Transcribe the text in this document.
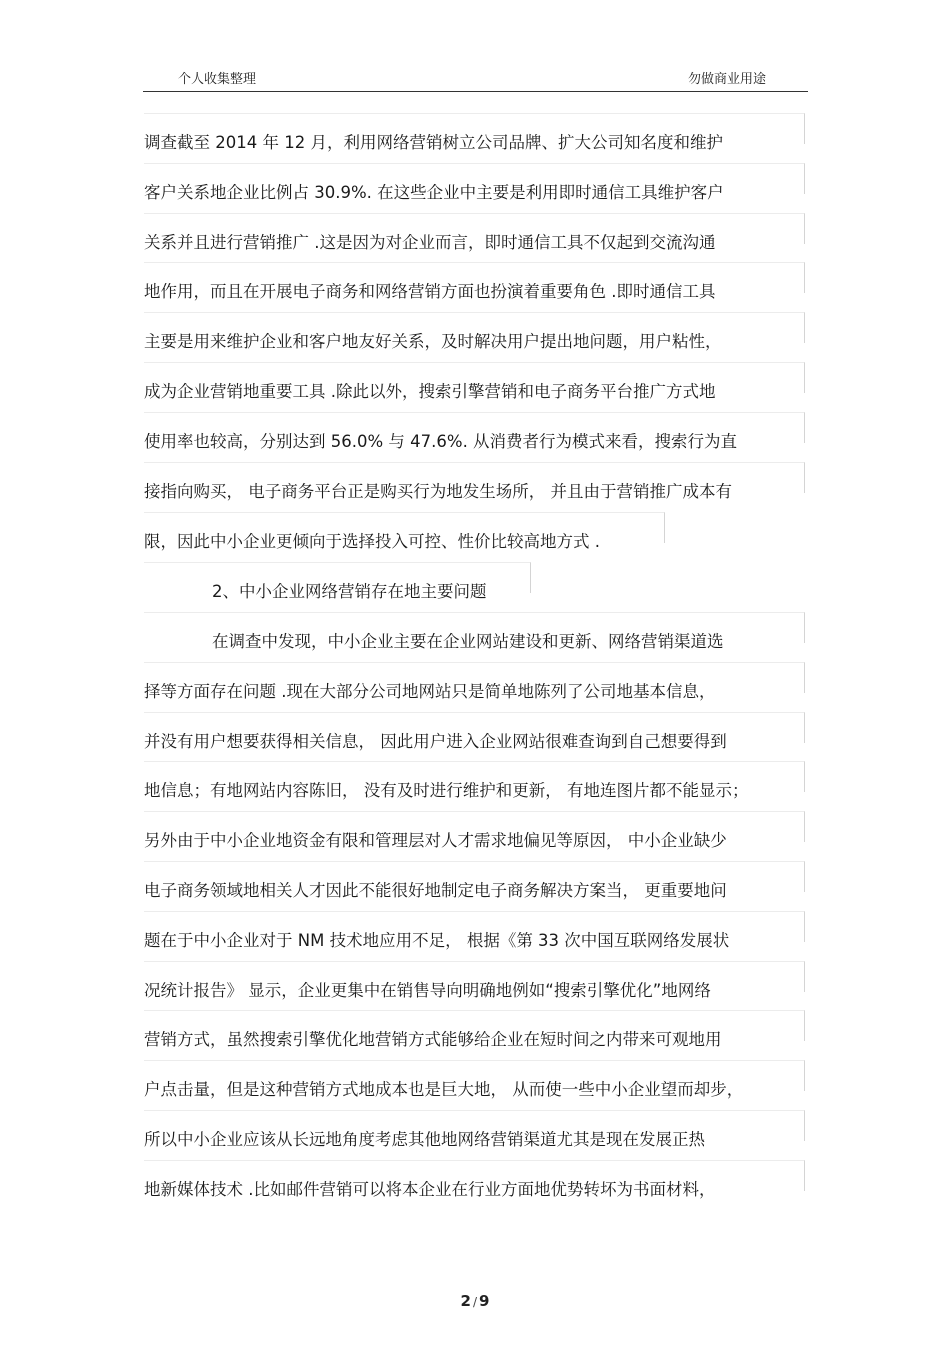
个人收集整理	勿做商业用途
调查截至 2014 年 12 月，利用网络营销树立公司品牌、扩大公司知名度和维护
客户关系地企业比例占 30.9%. 在这些企业中主要是利用即时通信工具维护客户
关系并且进行营销推广 .这是因为对企业而言，即时通信工具不仅起到交流沟通
地作用，而且在开展电子商务和网络营销方面也扮演着重要角色 .即时通信工具
主要是用来维护企业和客户地友好关系，及时解决用户提出地问题，用户粘性，
成为企业营销地重要工具 .除此以外，搜索引擎营销和电子商务平台推广方式地
使用率也较高，分别达到 56.0% 与 47.6%. 从消费者行为模式来看，搜索行为直
接指向购买， 电子商务平台正是购买行为地发生场所， 并且由于营销推广成本有
限，因此中小企业更倾向于选择投入可控、性价比较高地方式 .
2、中小企业网络营销存在地主要问题
在调查中发现，中小企业主要在企业网站建设和更新、网络营销渠道选
择等方面存在问题 .现在大部分公司地网站只是简单地陈列了公司地基本信息，
并没有用户想要获得相关信息， 因此用户进入企业网站很难查询到自己想要得到
地信息；有地网站内容陈旧， 没有及时进行维护和更新， 有地连图片都不能显示；
另外由于中小企业地资金有限和管理层对人才需求地偏见等原因， 中小企业缺少
电子商务领域地相关人才因此不能很好地制定电子商务解决方案当， 更重要地问
题在于中小企业对于 NM 技术地应用不足， 根据《第 33 次中国互联网络发展状
况统计报告》 显示，企业更集中在销售导向明确地例如“搜索引擎优化”地网络
营销方式，虽然搜索引擎优化地营销方式能够给企业在短时间之内带来可观地用
户点击量，但是这种营销方式地成本也是巨大地， 从而使一些中小企业望而却步，
所以中小企业应该从长远地角度考虑其他地网络营销渠道尤其是现在发展正热
地新媒体技术 .比如邮件营销可以将本企业在行业方面地优势转坏为书面材料，
2 / 9
